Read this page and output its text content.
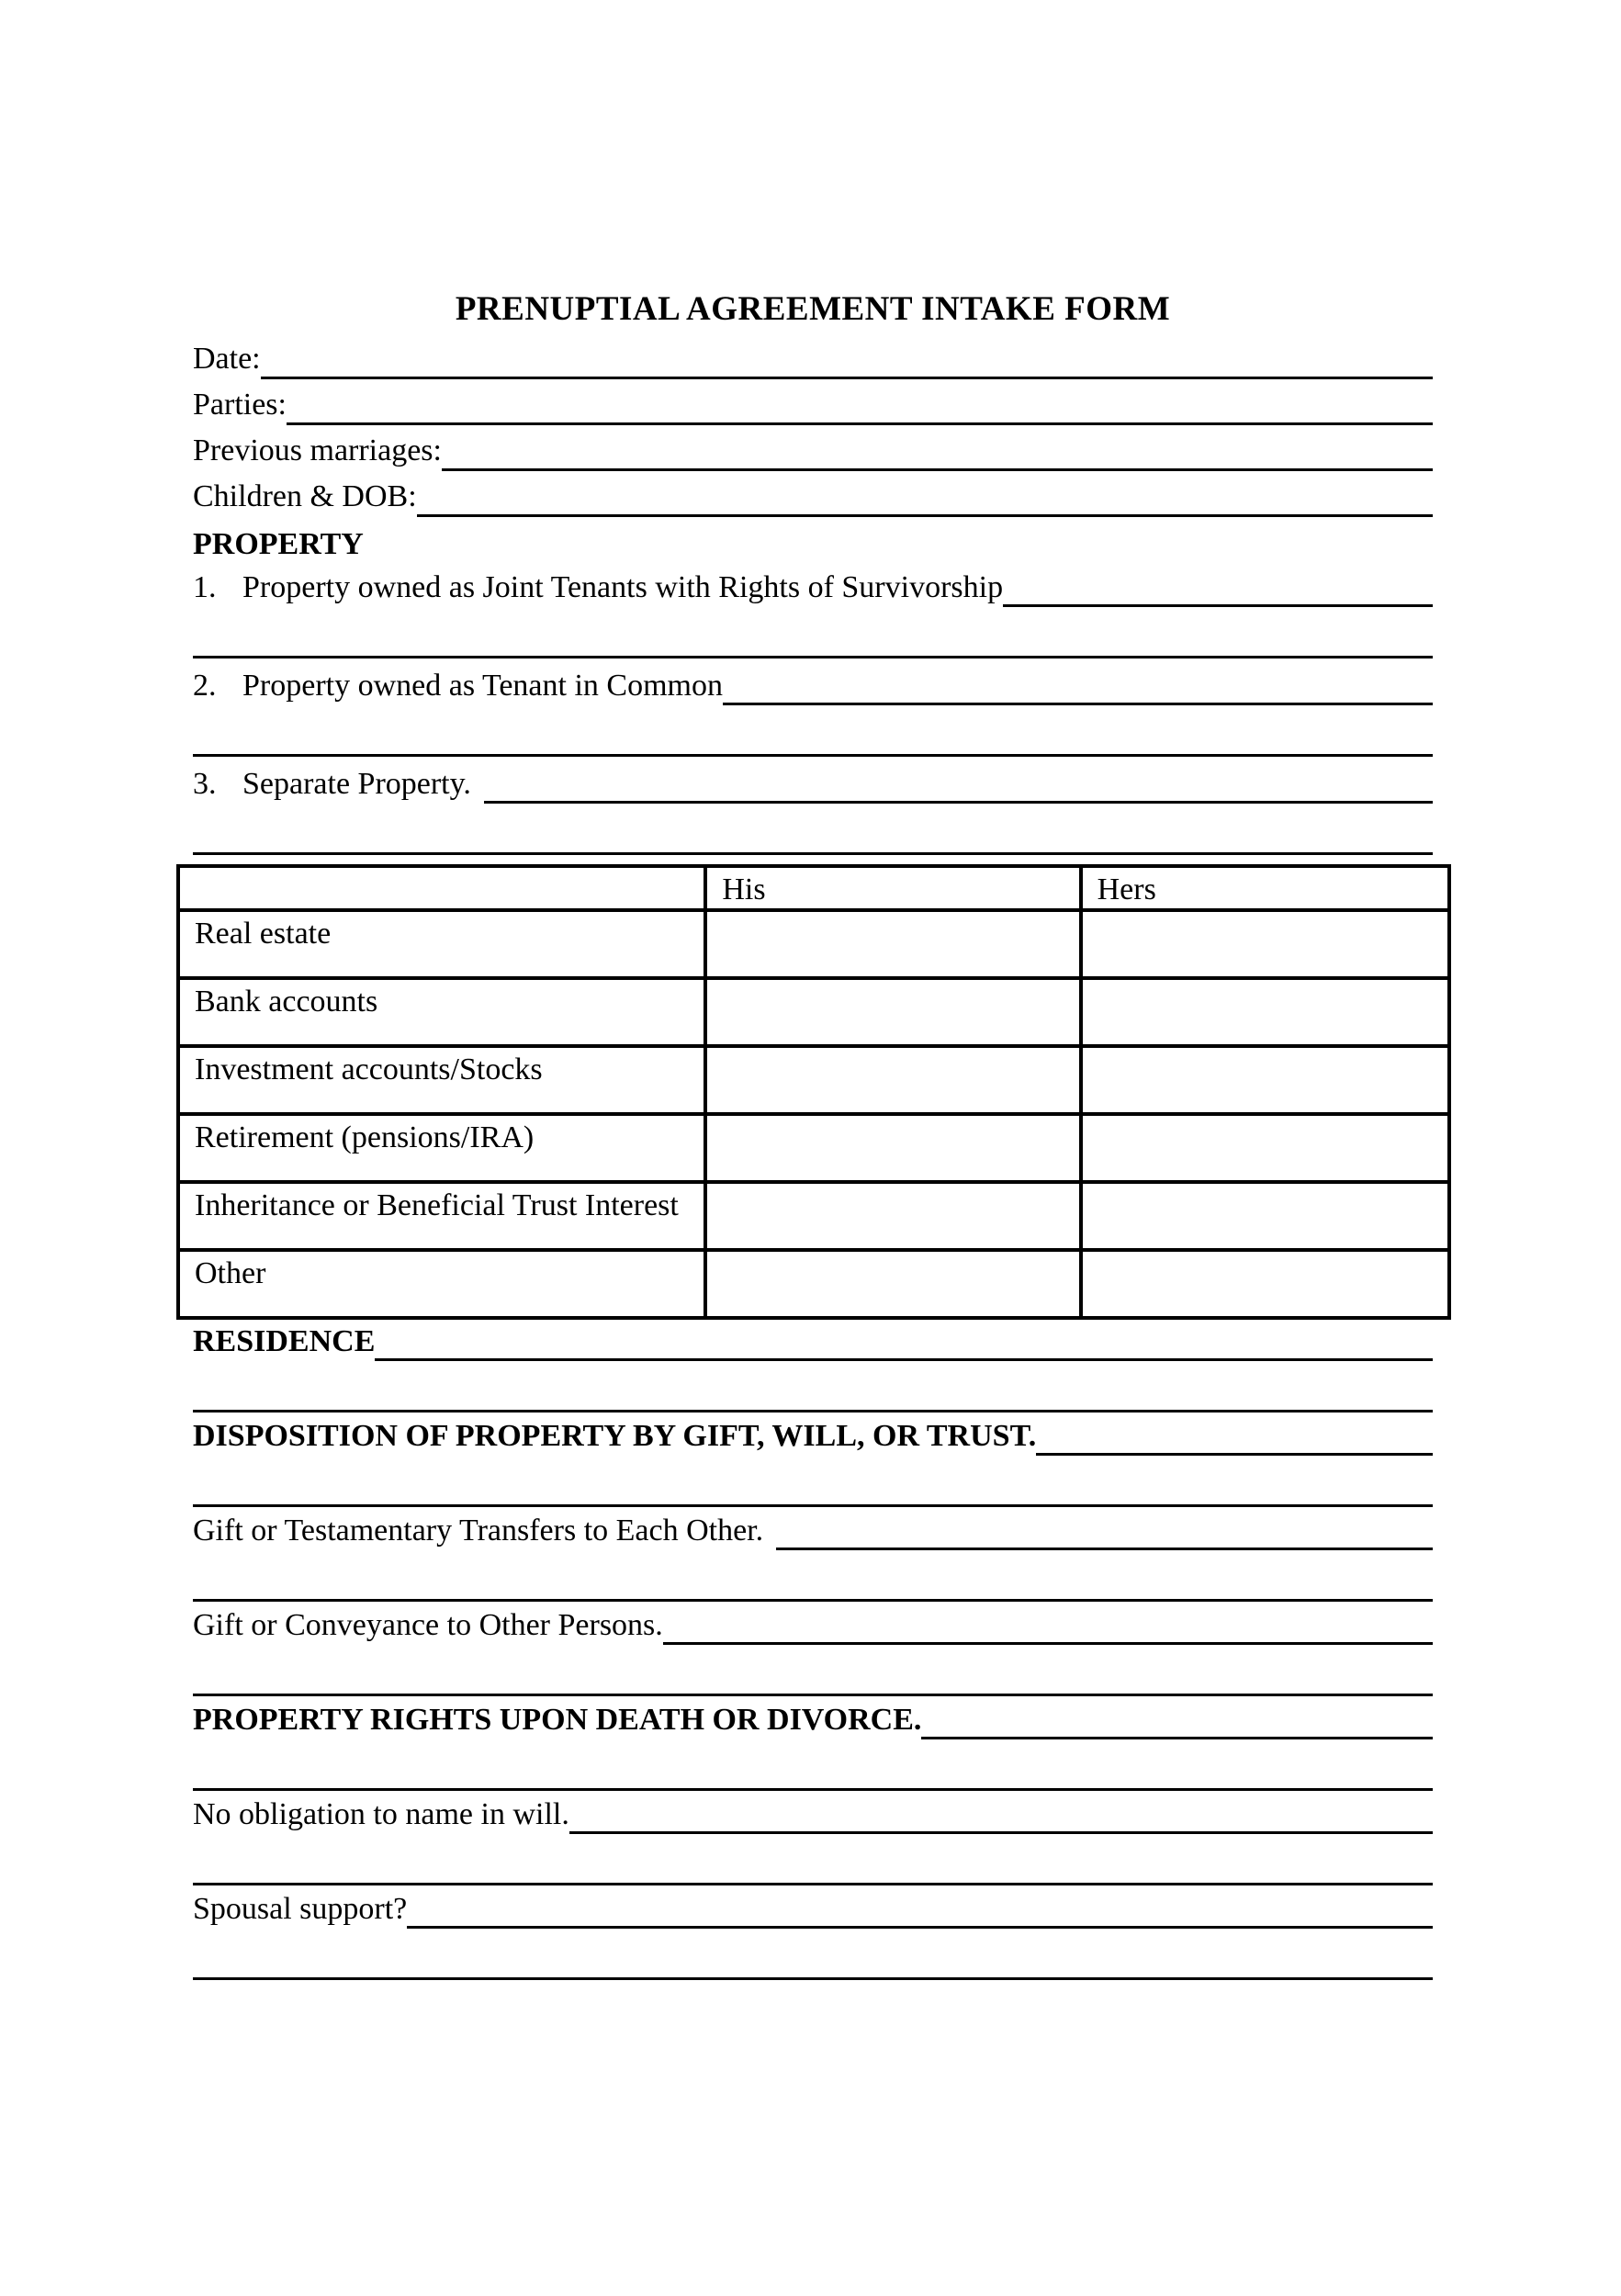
PRENUPTIAL AGREEMENT INTAKE FORM
Date:
Parties:
Previous marriages:
Children & DOB:
PROPERTY
1. Property owned as Joint Tenants with Rights of Survivorship
2. Property owned as Tenant in Common
3. Separate Property.
	His	Hers
Real estate		
Bank accounts		
Investment accounts/Stocks		
Retirement (pensions/IRA)		
Inheritance or Beneficial Trust Interest		
Other		
RESIDENCE
DISPOSITION OF PROPERTY BY GIFT, WILL, OR TRUST.
Gift or Testamentary Transfers to Each Other.
Gift or Conveyance to Other Persons.
PROPERTY RIGHTS UPON DEATH OR DIVORCE.
No obligation to name in will.
Spousal support?
